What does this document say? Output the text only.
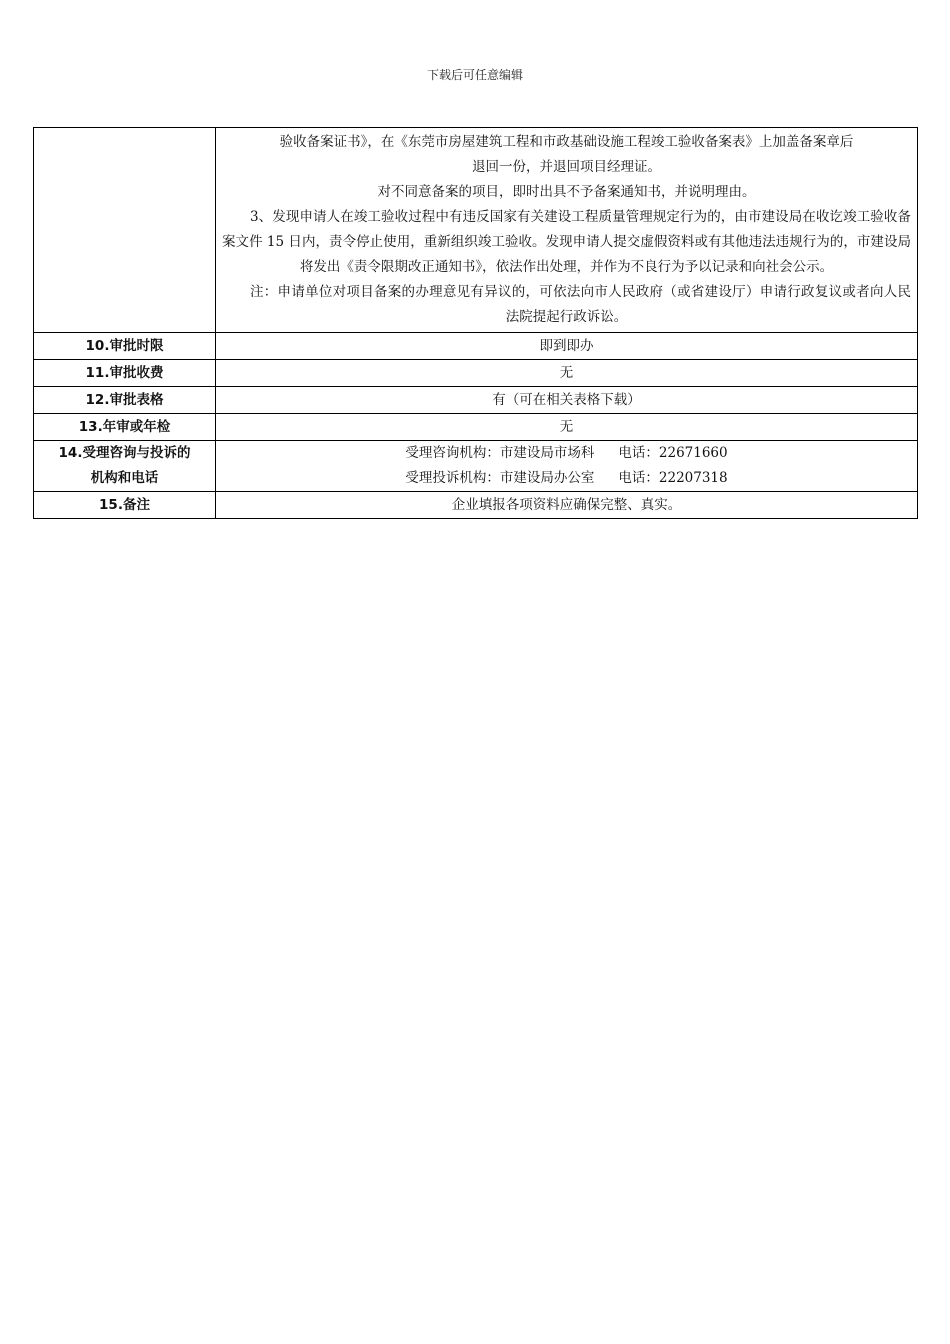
下载后可任意编辑

	验收备案证书》，在《东莞市房屋建筑工程和市政基础设施工程竣工验收备案表》上加盖备案章后

退回一份，并退回项目经理证。

对不同意备案的项目，即时出具不予备案通知书，并说明理由。

3、发现申请人在竣工验收过程中有违反国家有关建设工程质量管理规定行为的，由市建设局在收讫竣工验收备案文件 15 日内，责令停止使用，重新组织竣工验收。发现申请人提交虚假资料或有其他违法违规行为的，市建设局将发出《责令限期改正通知书》，依法作出处理，并作为不良行为予以记录和向社会公示。

注：申请单位对项目备案的办理意见有异议的，可依法向市人民政府（或省建设厅）申请行政复议或者向人民法院提起行政诉讼。

10.审批时限	即到即办
11.审批收费	无
12.审批表格	有（可在相关表格下载）
13.年审或年检	无

14.受理咨询与投诉的
机构和电话	受理咨询机构：市建设局市场科 电话：22671660
受理投诉机构：市建设局办公室 电话：22207318

15.备注	企业填报各项资料应确保完整、真实。
